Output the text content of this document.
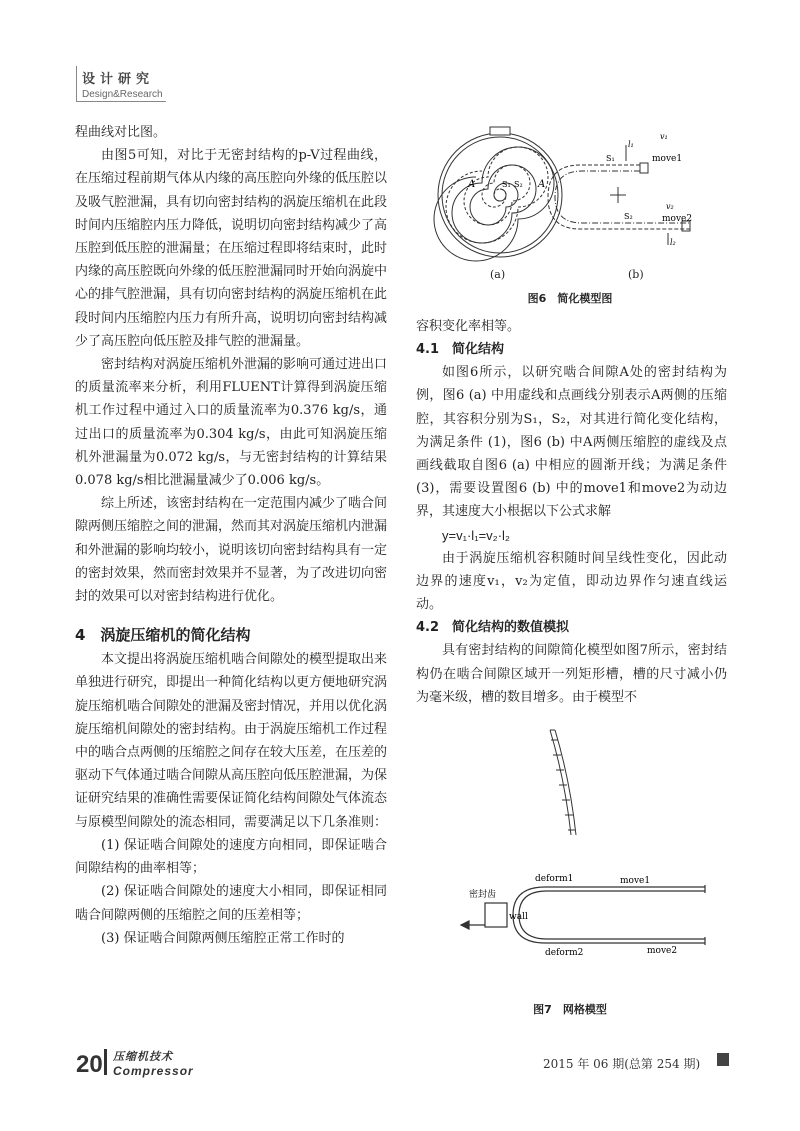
设计研究
Design&Research

程曲线对比图。

由图5可知，对比于无密封结构的p-V过程曲线，在压缩过程前期气体从内缘的高压腔向外缘的低压腔以及吸气腔泄漏，具有切向密封结构的涡旋压缩机在此段时间内压缩腔内压力降低，说明切向密封结构减少了高压腔到低压腔的泄漏量；在压缩过程即将结束时，此时内缘的高压腔既向外缘的低压腔泄漏同时开始向涡旋中心的排气腔泄漏，具有切向密封结构的涡旋压缩机在此段时间内压缩腔内压力有所升高，说明切向密封结构减少了高压腔向低压腔及排气腔的泄漏量。

密封结构对涡旋压缩机外泄漏的影响可通过进出口的质量流率来分析，利用FLUENT计算得到涡旋压缩机工作过程中通过入口的质量流率为0.376 kg/s，通过出口的质量流率为0.304 kg/s，由此可知涡旋压缩机外泄漏量为0.072 kg/s，与无密封结构的计算结果0.078 kg/s相比泄漏量减少了0.006 kg/s。

综上所述，该密封结构在一定范围内减少了啮合间隙两侧压缩腔之间的泄漏，然而其对涡旋压缩机内泄漏和外泄漏的影响均较小，说明该切向密封结构具有一定的密封效果，然而密封效果并不显著，为了改进切向密封的效果可以对密封结构进行优化。

4　涡旋压缩机的简化结构

本文提出将涡旋压缩机啮合间隙处的模型提取出来单独进行研究，即提出一种简化结构以更方便地研究涡旋压缩机啮合间隙处的泄漏及密封情况，并用以优化涡旋压缩机间隙处的密封结构。由于涡旋压缩机工作过程中的啮合点两侧的压缩腔之间存在较大压差，在压差的驱动下气体通过啮合间隙从高压腔向低压腔泄漏，为保证研究结果的准确性需要保证简化结构间隙处气体流态与原模型间隙处的流态相同，需要满足以下几条准则：

(1) 保证啮合间隙处的速度方向相同，即保证啮合间隙结构的曲率相等；

(2) 保证啮合间隙处的速度大小相同，即保证相同啮合间隙两侧的压缩腔之间的压差相等；

(3) 保证啮合间隙两侧压缩腔正常工作时的

A	A
S₁ S₂
S₁
S₂
l₁
l₂
v₁
move1
v₂
move2
(a)	(b)
图6　简化模型图

容积变化率相等。

4.1　简化结构

如图6所示，以研究啮合间隙A处的密封结构为例，图6 (a) 中用虚线和点画线分别表示A两侧的压缩腔，其容积分别为S₁，S₂，对其进行简化变化结构，为满足条件 (1)，图6 (b) 中A两侧压缩腔的虚线及点画线截取自图6 (a) 中相应的圆渐开线；为满足条件 (3)，需要设置图6 (b) 中的move1和move2为动边界，其速度大小根据以下公式求解

y=v₁·l₁=v₂·l₂

由于涡旋压缩机容积随时间呈线性变化，因此动边界的速度v₁，v₂为定值，即动边界作匀速直线运动。

4.2　简化结构的数值模拟

具有密封结构的间隙简化模型如图7所示，密封结构仍在啮合间隙区域开一列矩形槽，槽的尺寸减小仍为毫米级，槽的数目增多。由于模型不

deform1	move1
密封齿
wall
deform2	move2
图7　网格模型
20 压缩机技术
Compressor	2015 年 06 期(总第 254 期)
